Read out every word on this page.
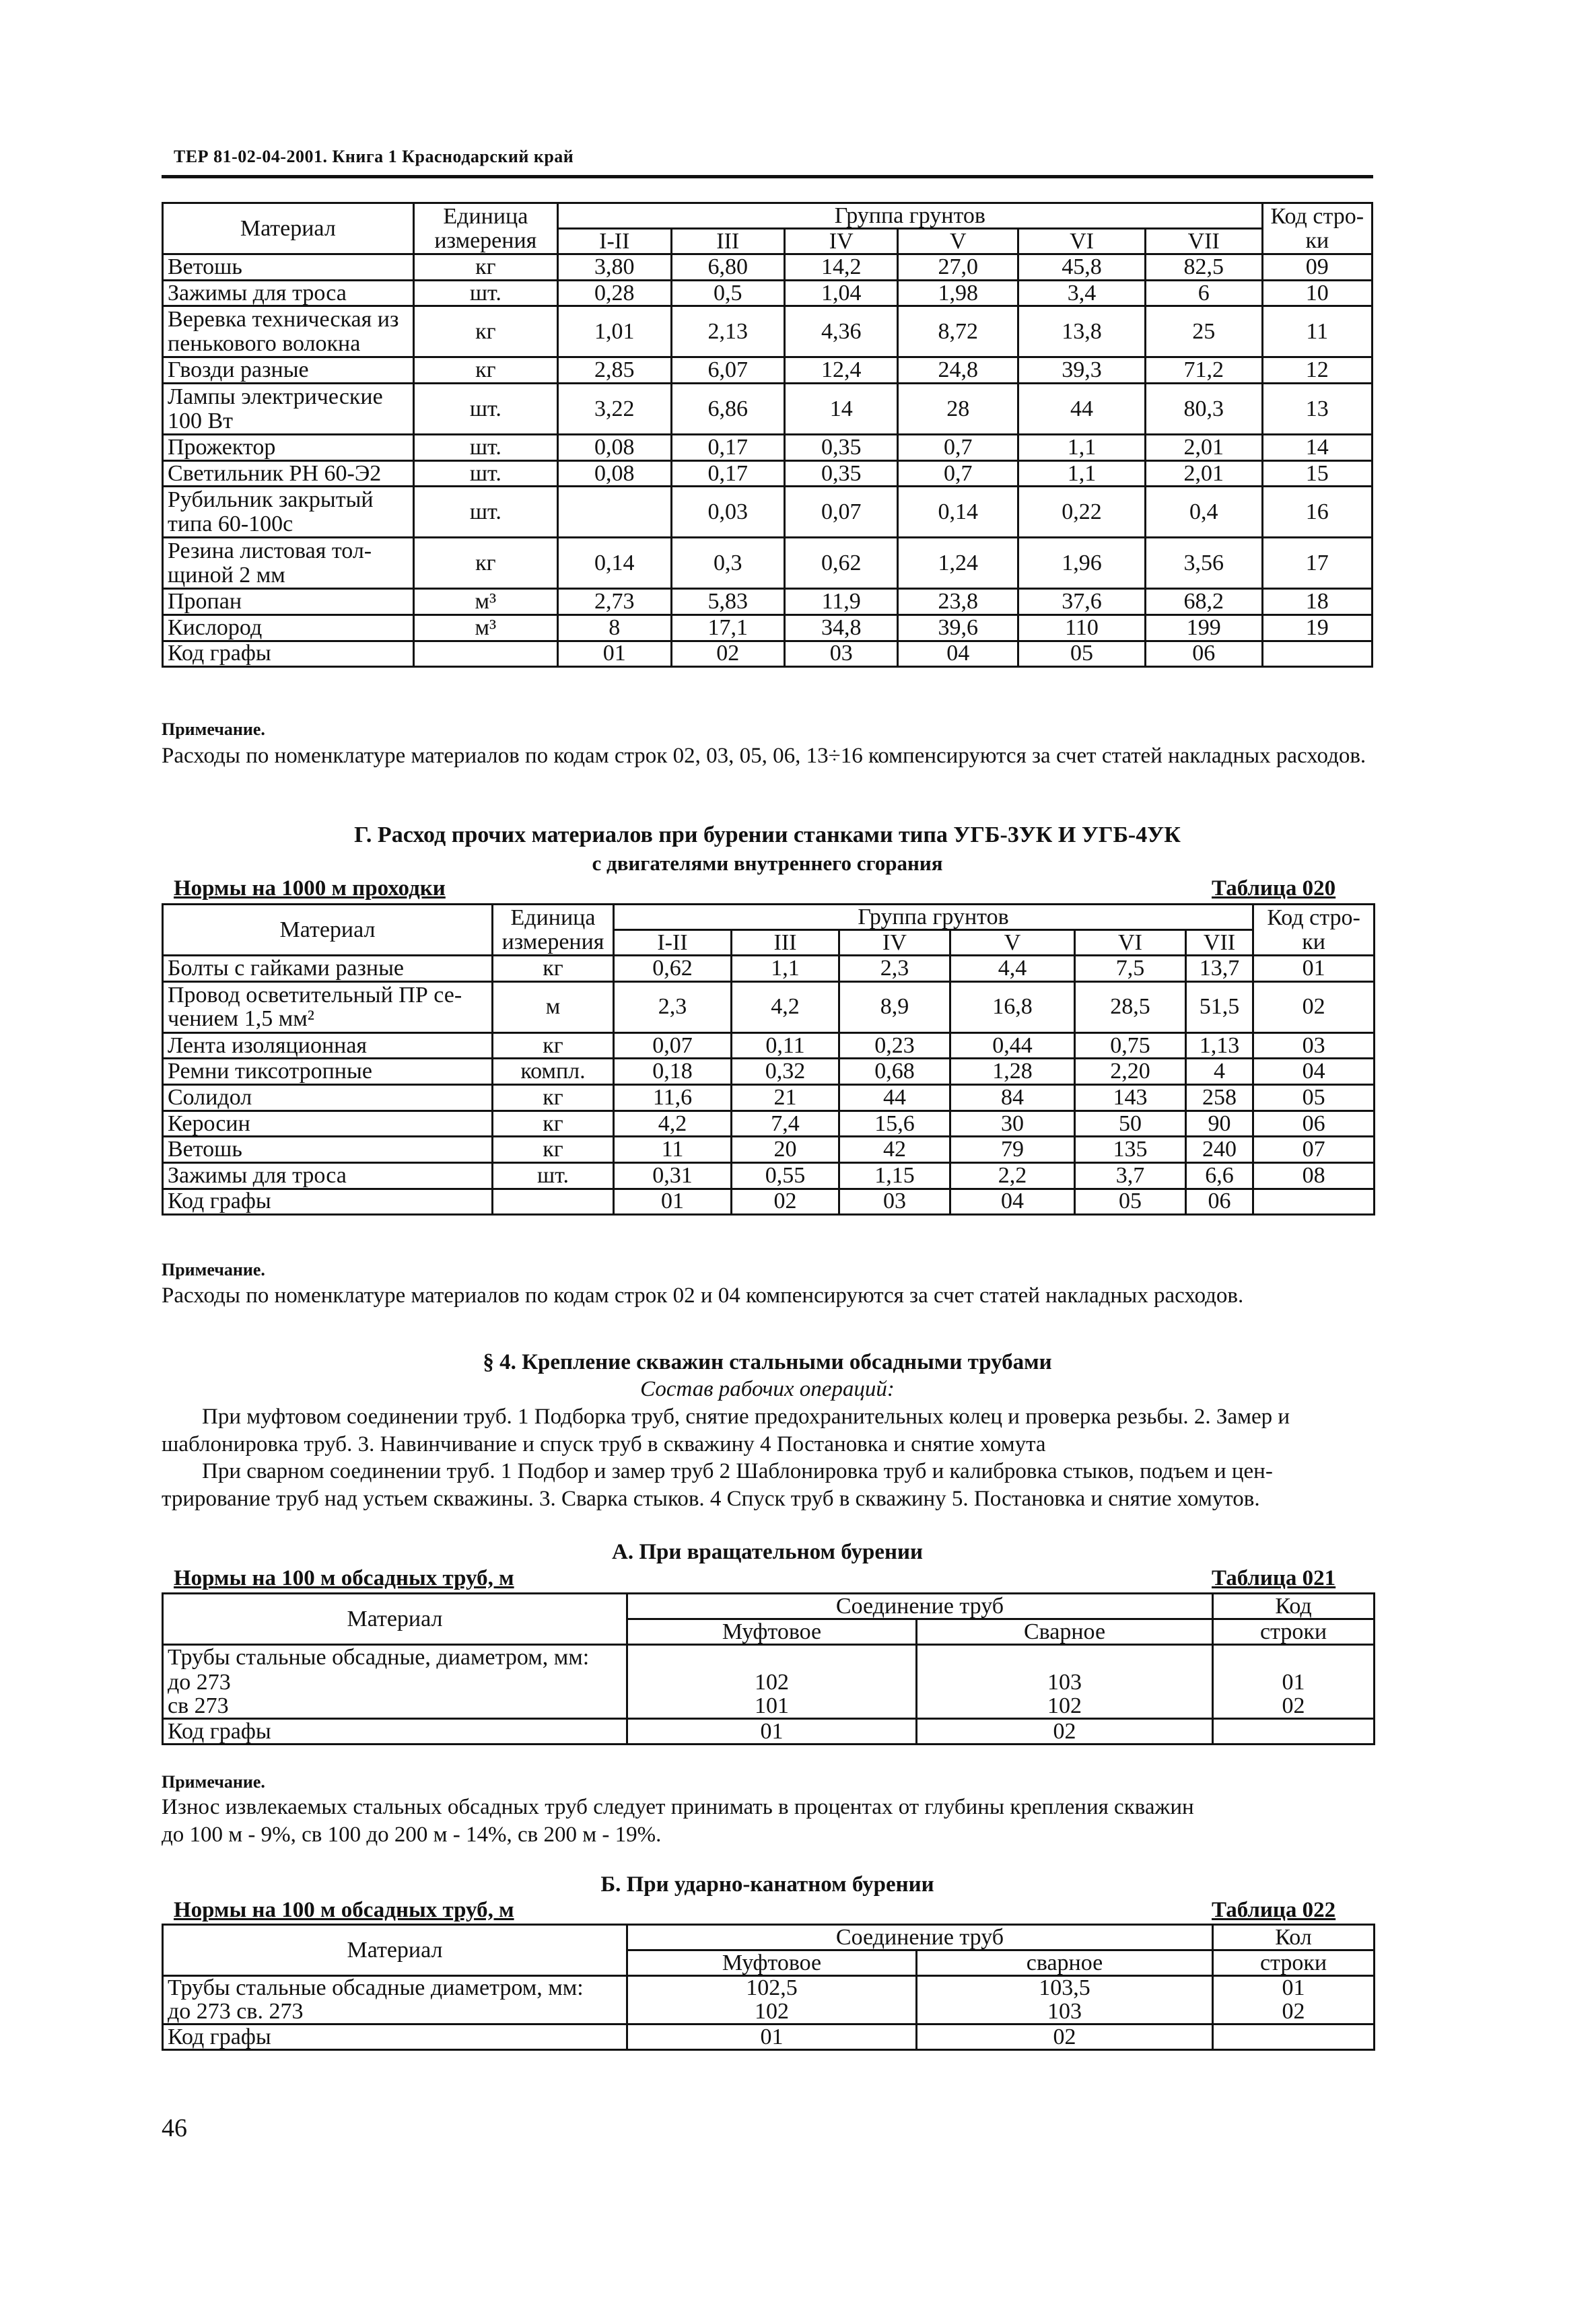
ТЕР 81-02-04-2001. Книга 1 Краснодарский край
Материал	Единица измерения	Группа грунтов						Код стро-ки
		I-II	III	IV	V	VI	VII	
Ветошь	кг	3,80	6,80	14,2	27,0	45,8	82,5	09
Зажимы для троса	шт.	0,28	0,5	1,04	1,98	3,4	6	10
Веревка техническая из пенькового волокна	кг	1,01	2,13	4,36	8,72	13,8	25	11
Гвозди разные	кг	2,85	6,07	12,4	24,8	39,3	71,2	12
Лампы электрические 100 Вт	шт.	3,22	6,86	14	28	44	80,3	13
Прожектор	шт.	0,08	0,17	0,35	0,7	1,1	2,01	14
Светильник РН 60-Э2	шт.	0,08	0,17	0,35	0,7	1,1	2,01	15
Рубильник закрытый типа 60-100с	шт.		0,03	0,07	0,14	0,22	0,4	16
Резина листовая тол-щиной 2 мм	кг	0,14	0,3	0,62	1,24	1,96	3,56	17
Пропан	м³	2,73	5,83	11,9	23,8	37,6	68,2	18
Кислород	м³	8	17,1	34,8	39,6	110	199	19
Код графы		01	02	03	04	05	06	
Примечание.
Расходы по номенклатуре материалов по кодам строк 02, 03, 05, 06, 13÷16 компенсируются за счет статей накладных расходов.
Г. Расход прочих материалов при бурении станками типа УГБ-3УК И УГБ-4УК
с двигателями внутреннего сгорания
Нормы на 1000 м проходки	Таблица 020
Материал	Единица измерения	Группа грунтов						Код стро-ки
		I-II	III	IV	V	VI	VII	
Болты с гайками разные	кг	0,62	1,1	2,3	4,4	7,5	13,7	01
Провод осветительный ПР се-чением 1,5 мм²	м	2,3	4,2	8,9	16,8	28,5	51,5	02
Лента изоляционная	кг	0,07	0,11	0,23	0,44	0,75	1,13	03
Ремни тиксотропные	компл.	0,18	0,32	0,68	1,28	2,20	4	04
Солидол	кг	11,6	21	44	84	143	258	05
Керосин	кг	4,2	7,4	15,6	30	50	90	06
Ветошь	кг	11	20	42	79	135	240	07
Зажимы для троса	шт.	0,31	0,55	1,15	2,2	3,7	6,6	08
Код графы		01	02	03	04	05	06	
Примечание.
Расходы по номенклатуре материалов по кодам строк 02 и 04 компенсируются за счет статей накладных расходов.
§ 4. Крепление скважин стальными обсадными трубами
Состав рабочих операций:
При муфтовом соединении труб. 1 Подборка труб, снятие предохранительных колец и проверка резьбы. 2. Замер и шаблонировка труб. 3. Навинчивание и спуск труб в скважину 4 Постановка и снятие хомута
При сварном соединении труб. 1 Подбор и замер труб 2 Шаблонировка труб и калибровка стыков, подъем и цен-трирование труб над устьем скважины. 3. Сварка стыков. 4 Спуск труб в скважину 5. Постановка и снятие хомутов.
А. При вращательном бурении
Нормы на 100 м обсадных труб, м	Таблица 021
Материал	Соединение труб		Код
	Муфтовое	Сварное	строки
Трубы стальные обсадные, диаметром, мм:			
до 273	102	103	01
св 273	101	102	02
Код графы	01	02	
Примечание.
Износ извлекаемых стальных обсадных труб следует принимать в процентах от глубины крепления скважин
до 100 м - 9%, св 100 до 200 м - 14%, св 200 м - 19%.
Б. При ударно-канатном бурении
Нормы на 100 м обсадных труб, м	Таблица 022
Материал	Соединение труб		Кол
	Муфтовое	сварное	строки
Трубы стальные обсадные диаметром, мм:	102,5	103,5	01
до 273 св. 273	102	103	02
Код графы	01	02	
46
